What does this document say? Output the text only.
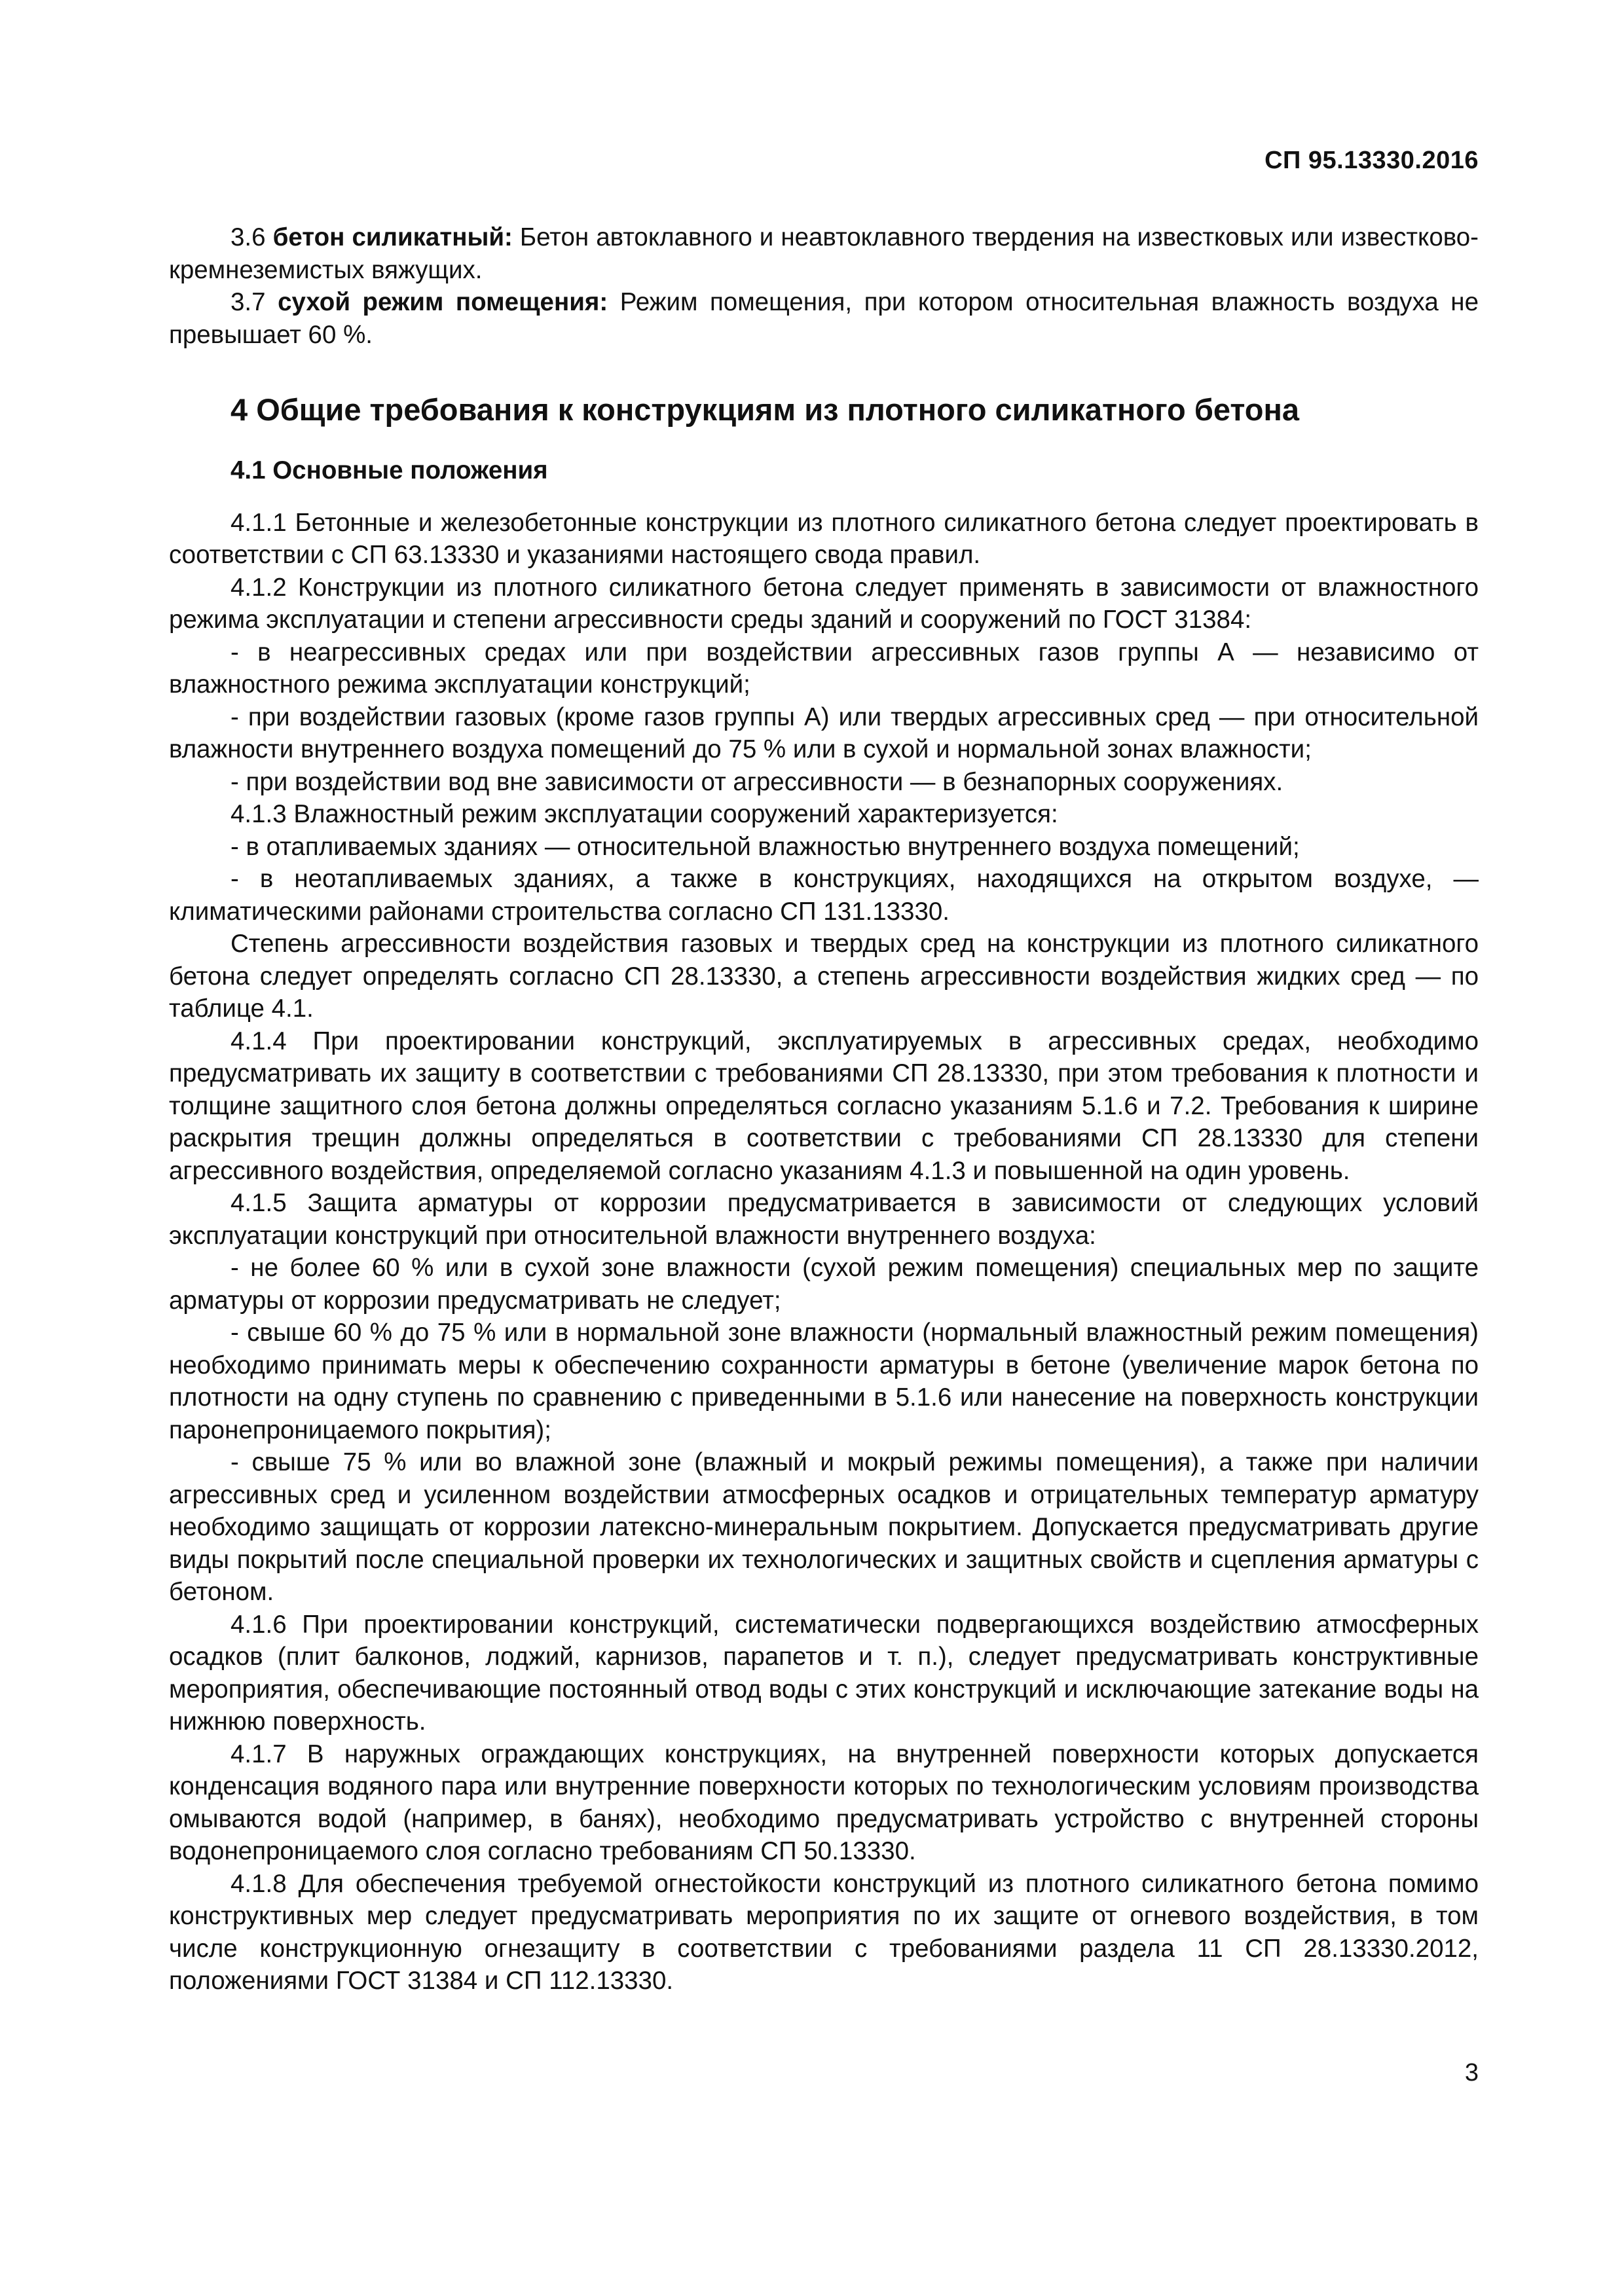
СП 95.13330.2016

3.6 бетон силикатный: Бетон автоклавного и неавтоклавного твердения на известковых или известково-кремнеземистых вяжущих.

3.7 сухой режим помещения: Режим помещения, при котором относительная влажность воздуха не превышает 60 %.

4 Общие требования к конструкциям из плотного силикатного бетона
4.1 Основные положения

4.1.1 Бетонные и железобетонные конструкции из плотного силикатного бетона следует проектировать в соответствии с СП 63.13330 и указаниями настоящего свода правил.

4.1.2 Конструкции из плотного силикатного бетона следует применять в зависимости от влажностного режима эксплуатации и степени агрессивности среды зданий и сооружений по ГОСТ 31384:

- в неагрессивных средах или при воздействии агрессивных газов группы А — независимо от влажностного режима эксплуатации конструкций;

- при воздействии газовых (кроме газов группы А) или твердых агрессивных сред — при относительной влажности внутреннего воздуха помещений до 75 % или в сухой и нормальной зонах влажности;

- при воздействии вод вне зависимости от агрессивности — в безнапорных сооружениях.

4.1.3 Влажностный режим эксплуатации сооружений характеризуется:

- в отапливаемых зданиях — относительной влажностью внутреннего воздуха помещений;

- в неотапливаемых зданиях, а также в конструкциях, находящихся на открытом воздухе, — климатическими районами строительства согласно СП 131.13330.

Степень агрессивности воздействия газовых и твердых сред на конструкции из плотного силикатного бетона следует определять согласно СП 28.13330, а степень агрессивности воздействия жидких сред — по таблице 4.1.

4.1.4 При проектировании конструкций, эксплуатируемых в агрессивных средах, необходимо предусматривать их защиту в соответствии с требованиями СП 28.13330, при этом требования к плотности и толщине защитного слоя бетона должны определяться согласно указаниям 5.1.6 и 7.2. Требования к ширине раскрытия трещин должны определяться в соответствии с требованиями СП 28.13330 для степени агрессивного воздействия, определяемой согласно указаниям 4.1.3 и повышенной на один уровень.

4.1.5 Защита арматуры от коррозии предусматривается в зависимости от следующих условий эксплуатации конструкций при относительной влажности внутреннего воздуха:

- не более 60 % или в сухой зоне влажности (сухой режим помещения) специальных мер по защите арматуры от коррозии предусматривать не следует;

- свыше 60 % до 75 % или в нормальной зоне влажности (нормальный влажностный режим помещения) необходимо принимать меры к обеспечению сохранности арматуры в бетоне (увеличение марок бетона по плотности на одну ступень по сравнению с приведенными в 5.1.6 или нанесение на поверхность конструкции паронепроницаемого покрытия);

- свыше 75 % или во влажной зоне (влажный и мокрый режимы помещения), а также при наличии агрессивных сред и усиленном воздействии атмосферных осадков и отрицательных температур арматуру необходимо защищать от коррозии латексно-минеральным покрытием. Допускается предусматривать другие виды покрытий после специальной проверки их технологических и защитных свойств и сцепления арматуры с бетоном.

4.1.6 При проектировании конструкций, систематически подвергающихся воздействию атмосферных осадков (плит балконов, лоджий, карнизов, парапетов и т. п.), следует предусматривать конструктивные мероприятия, обеспечивающие постоянный отвод воды с этих конструкций и исключающие затекание воды на нижнюю поверхность.

4.1.7 В наружных ограждающих конструкциях, на внутренней поверхности которых допускается конденсация водяного пара или внутренние поверхности которых по технологическим условиям производства омываются водой (например, в банях), необходимо предусматривать устройство с внутренней стороны водонепроницаемого слоя согласно требованиям СП 50.13330.

4.1.8 Для обеспечения требуемой огнестойкости конструкций из плотного силикатного бетона помимо конструктивных мер следует предусматривать мероприятия по их защите от огневого воздействия, в том числе конструкционную огнезащиту в соответствии с требованиями раздела 11 СП 28.13330.2012, положениями ГОСТ 31384 и СП 112.13330.

3
